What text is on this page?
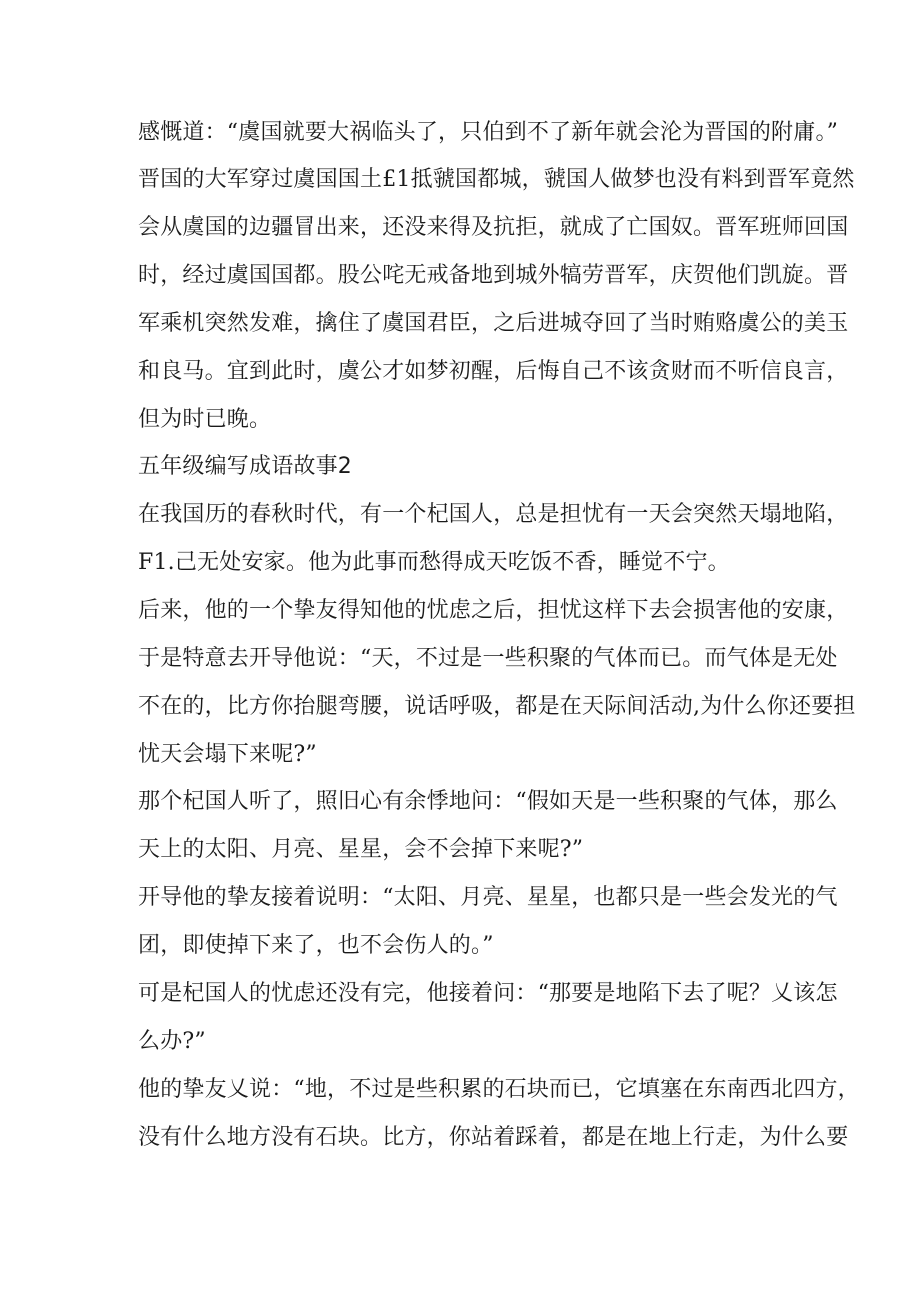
感慨道：“虞国就要大祸临头了，只伯到不了新年就会沦为晋国的附庸。”
晋国的大军穿过虞国国土£1抵虢国都城，虢国人做梦也没有料到晋军竟然
会从虞国的边疆冒出来，还没来得及抗拒，就成了亡国奴。晋军班师回国
时，经过虞国国都。股公咤无戒备地到城外犒劳晋军，庆贺他们凯旋。晋
军乘机突然发难，擒住了虞国君臣，之后进城夺回了当时贿赂虞公的美玉
和良马。宜到此时，虞公才如梦初醒，后悔自己不该贪财而不听信良言，
但为时已晚。
五年级编写成语故事2
在我国历的春秋时代，有一个杞国人，总是担忧有一天会突然天塌地陷，
F1.己无处安家。他为此事而愁得成天吃饭不香，睡觉不宁。
后来，他的一个挚友得知他的忧虑之后，担忧这样下去会损害他的安康，
于是特意去开导他说：“天，不过是一些积聚的气体而已。而气体是无处
不在的，比方你抬腿弯腰，说话呼吸，都是在天际间活动,为什么你还要担
忧天会塌下来呢?”
那个杞国人听了，照旧心有余悸地问：“假如天是一些积聚的气体，那么
天上的太阳、月亮、星星，会不会掉下来呢?”
开导他的挚友接着说明：“太阳、月亮、星星，也都只是一些会发光的气
团，即使掉下来了，也不会伤人的。”
可是杞国人的忧虑还没有完，他接着问：“那要是地陷下去了呢？乂该怎
么办?”
他的挚友乂说：“地，不过是些积累的石块而已，它填塞在东南西北四方，
没有什么地方没有石块。比方，你站着踩着，都是在地上行走，为什么要
